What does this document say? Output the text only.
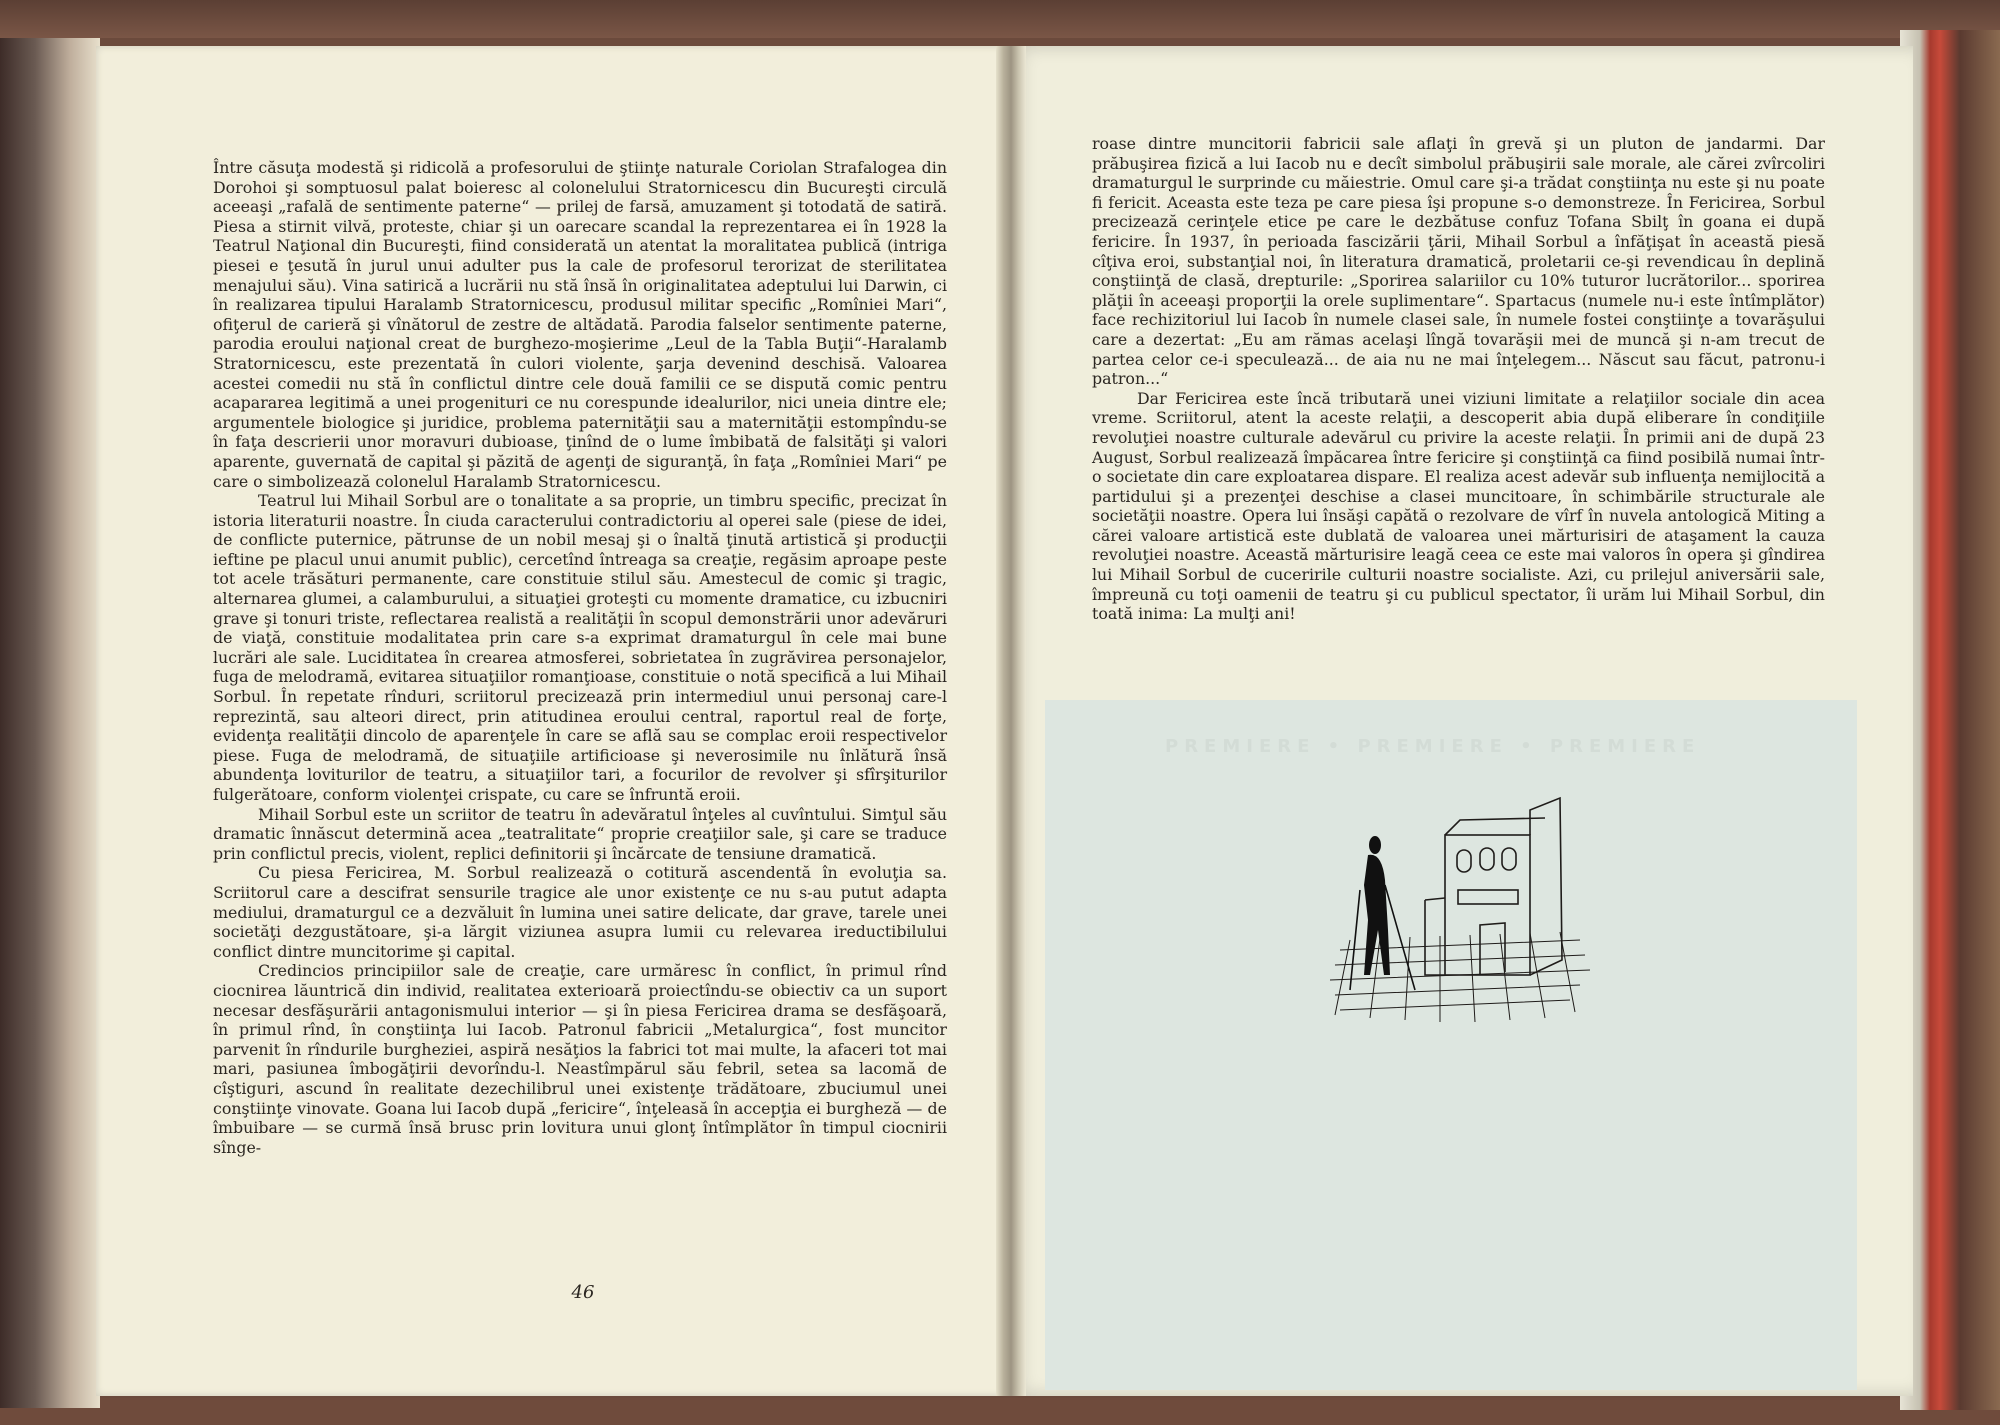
PREMIERE • PREMIERE • PREMIERE

Între căsuţa modestă şi ridicolă a profesorului de ştiinţe naturale Coriolan Strafalogea din Dorohoi şi somptuosul palat boieresc al colonelului Stratornicescu din Bucureşti circulă aceeaşi „rafală de sentimente paterne“ — prilej de farsă, amuzament şi totodată de satiră. Piesa a stirnit vilvă, proteste, chiar şi un oarecare scandal la reprezentarea ei în 1928 la Teatrul Naţional din Bucureşti, fiind considerată un atentat la moralitatea publică (intriga piesei e ţesută în jurul unui adulter pus la cale de profesorul terorizat de sterilitatea menajului său). Vina satirică a lucrării nu stă însă în originalitatea adeptului lui Darwin, ci în realizarea tipului Haralamb Stratornicescu, produsul militar specific „Romîniei Mari“, ofiţerul de carieră şi vînătorul de zestre de altădată. Parodia falselor sentimente paterne, parodia eroului naţional creat de burghezo-moşierime „Leul de la Tabla Buţii“-Haralamb Stratornicescu, este prezentată în culori violente, şarja devenind deschisă. Valoarea acestei comedii nu stă în conflictul dintre cele două familii ce se dispută comic pentru acapararea legitimă a unei progenituri ce nu corespunde idealurilor, nici uneia dintre ele; argumentele biologice şi juridice, problema paternităţii sau a maternităţii estompîndu-se în faţa descrierii unor moravuri dubioase, ţinînd de o lume îmbibată de falsităţi şi valori aparente, guvernată de capital şi păzită de agenţi de siguranţă, în faţa „Romîniei Mari“ pe care o simbolizează colonelul Haralamb Stratornicescu.

Teatrul lui Mihail Sorbul are o tonalitate a sa proprie, un timbru specific, precizat în istoria literaturii noastre. În ciuda caracterului contradictoriu al operei sale (piese de idei, de conflicte puternice, pătrunse de un nobil mesaj şi o înaltă ţinută artistică şi producţii ieftine pe placul unui anumit public), cercetînd întreaga sa creaţie, regăsim aproape peste tot acele trăsături permanente, care constituie stilul său. Amestecul de comic şi tragic, alternarea glumei, a calamburului, a situaţiei groteşti cu momente dramatice, cu izbucniri grave şi tonuri triste, reflectarea realistă a realităţii în scopul demonstrării unor adevăruri de viaţă, constituie modalitatea prin care s-a exprimat dramaturgul în cele mai bune lucrări ale sale. Luciditatea în crearea atmosferei, sobrietatea în zugrăvirea personajelor, fuga de melodramă, evitarea situaţiilor romanţioase, constituie o notă specifică a lui Mihail Sorbul. În repetate rînduri, scriitorul precizează prin intermediul unui personaj care-l reprezintă, sau alteori direct, prin atitudinea eroului central, raportul real de forţe, evidenţa realităţii dincolo de aparenţele în care se află sau se complac eroii respectivelor piese. Fuga de melodramă, de situaţiile artificioase şi neverosimile nu înlătură însă abundenţa loviturilor de teatru, a situaţiilor tari, a focurilor de revolver şi sfîrşiturilor fulgerătoare, conform violenţei crispate, cu care se înfruntă eroii.

Mihail Sorbul este un scriitor de teatru în adevăratul înţeles al cuvîntului. Simţul său dramatic înnăscut determină acea „teatralitate“ proprie creaţiilor sale, şi care se traduce prin conflictul precis, violent, replici definitorii şi încărcate de tensiune dramatică.

Cu piesa Fericirea, M. Sorbul realizează o cotitură ascendentă în evoluţia sa. Scriitorul care a descifrat sensurile tragice ale unor existenţe ce nu s-au putut adapta mediului, dramaturgul ce a dezvăluit în lumina unei satire delicate, dar grave, tarele unei societăţi dezgustătoare, şi-a lărgit viziunea asupra lumii cu relevarea ireductibilului conflict dintre muncitorime şi capital.

Credincios principiilor sale de creaţie, care urmăresc în conflict, în primul rînd ciocnirea lăuntrică din individ, realitatea exterioară proiectîndu-se obiectiv ca un suport necesar desfăşurării antagonismului interior — şi în piesa Fericirea drama se desfăşoară, în primul rînd, în conştiinţa lui Iacob. Patronul fabricii „Metalurgica“, fost muncitor parvenit în rîndurile burgheziei, aspiră nesăţios la fabrici tot mai multe, la afaceri tot mai mari, pasiunea îmbogăţirii devorîndu-l. Neastîmpărul său febril, setea sa lacomă de cîştiguri, ascund în realitate dezechilibrul unei existenţe trădătoare, zbuciumul unei conştiinţe vinovate. Goana lui Iacob după „fericire“, înţeleasă în accepţia ei burgheză — de îmbuibare — se curmă însă brusc prin lovitura unui glonţ întîmplător în timpul ciocnirii sînge-

46

roase dintre muncitorii fabricii sale aflaţi în grevă şi un pluton de jandarmi. Dar prăbuşirea fizică a lui Iacob nu e decît simbolul prăbuşirii sale morale, ale cărei zvîrcoliri dramaturgul le surprinde cu măiestrie. Omul care şi-a trădat conştiinţa nu este şi nu poate fi fericit. Aceasta este teza pe care piesa îşi propune s-o demonstreze. În Fericirea, Sorbul precizează cerinţele etice pe care le dezbătuse confuz Tofana Sbilţ în goana ei după fericire. În 1937, în perioada fascizării ţării, Mihail Sorbul a înfăţişat în această piesă cîţiva eroi, substanţial noi, în literatura dramatică, proletarii ce-şi revendicau în deplină conştiinţă de clasă, drepturile: „Sporirea salariilor cu 10% tuturor lucrătorilor... sporirea plăţii în aceeaşi proporţii la orele suplimentare“. Spartacus (numele nu-i este întîmplător) face rechizitoriul lui Iacob în numele clasei sale, în numele fostei conştiinţe a tovarăşului care a dezertat: „Eu am rămas acelaşi lîngă tovarăşii mei de muncă şi n-am trecut de partea celor ce-i speculează... de aia nu ne mai înţelegem... Născut sau făcut, patronu-i patron...“

Dar Fericirea este încă tributară unei viziuni limitate a relaţiilor sociale din acea vreme. Scriitorul, atent la aceste relaţii, a descoperit abia după eliberare în condiţiile revoluţiei noastre culturale adevărul cu privire la aceste relaţii. În primii ani de după 23 August, Sorbul realizează împăcarea între fericire şi conştiinţă ca fiind posibilă numai într-o societate din care exploatarea dispare. El realiza acest adevăr sub influenţa nemijlocită a partidului şi a prezenţei deschise a clasei muncitoare, în schimbările structurale ale societăţii noastre. Opera lui însăşi capătă o rezolvare de vîrf în nuvela antologică Miting a cărei valoare artistică este dublată de valoarea unei mărturisiri de ataşament la cauza revoluţiei noastre. Această mărturisire leagă ceea ce este mai valoros în opera şi gîndirea lui Mihail Sorbul de cuceririle culturii noastre socialiste. Azi, cu prilejul aniversării sale, împreună cu toţi oamenii de teatru şi cu publicul spectator, îi urăm lui Mihail Sorbul, din toată inima: La mulţi ani!
